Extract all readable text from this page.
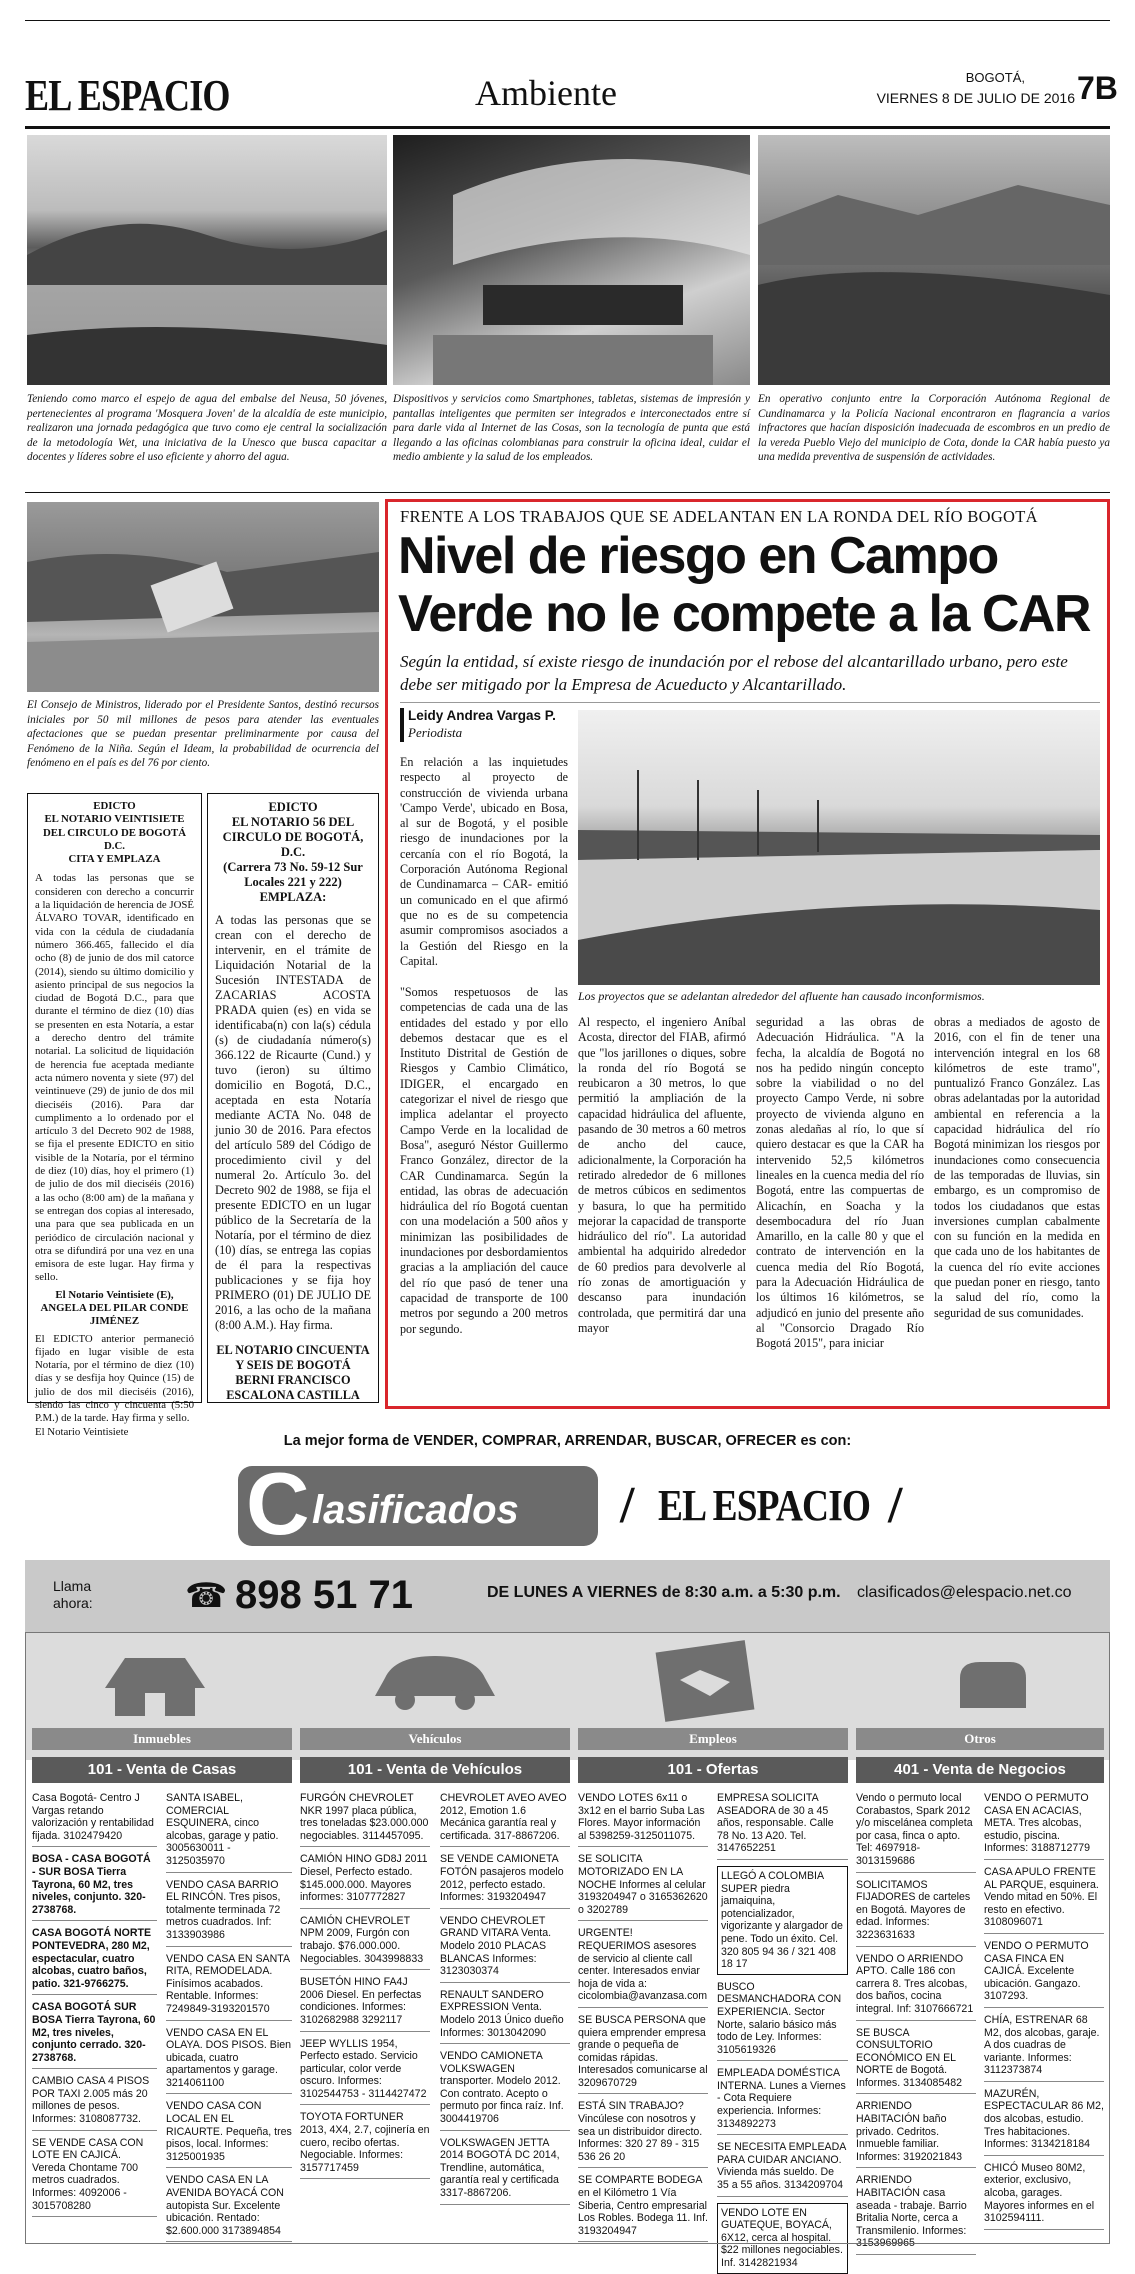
EL ESPACIO	Ambiente	BOGOTÁ,
VIERNES 8 DE JULIO DE 2016 7B
Teniendo como marco el espejo de agua del embalse del Neusa, 50 jóvenes, pertenecientes al programa 'Mosquera Joven' de la alcaldía de este municipio, realizaron una jornada pedagógica que tuvo como eje central la socialización de la metodología Wet, una iniciativa de la Unesco que busca capacitar a docentes y líderes sobre el uso eficiente y ahorro del agua.
Dispositivos y servicios como Smartphones, tabletas, sistemas de impresión y pantallas inteligentes que permiten ser integrados e interconectados entre sí para darle vida al Internet de las Cosas, son la tecnología de punta que está llegando a las oficinas colombianas para construir la oficina ideal, cuidar el medio ambiente y la salud de los empleados.
En operativo conjunto entre la Corporación Autónoma Regional de Cundinamarca y la Policía Nacional encontraron en flagrancia a varios infractores que hacían disposición inadecuada de escombros en un predio de la vereda Pueblo Viejo del municipio de Cota, donde la CAR había puesto ya una medida preventiva de suspensión de actividades.
El Consejo de Ministros, liderado por el Presidente Santos, destinó recursos iniciales por 50 mil millones de pesos para atender las eventuales afectaciones que se puedan presentar preliminarmente por causa del Fenómeno de la Niña. Según el Ideam, la probabilidad de ocurrencia del fenómeno en el país es del 76 por ciento.
EDICTO
EL NOTARIO VEINTISIETE DEL CIRCULO DE BOGOTÁ D.C.
CITA Y EMPLAZA
A todas las personas que se consideren con derecho a concurrir a la liquidación de herencia de JOSÉ ÁLVARO TOVAR, identificado en vida con la cédula de ciudadanía número 366.465, fallecido el día ocho (8) de junio de dos mil catorce (2014), siendo su último domicilio y asiento principal de sus negocios la ciudad de Bogotá D.C., para que durante el término de diez (10) días se presenten en esta Notaría, a estar a derecho dentro del trámite notarial. La solicitud de liquidación de herencia fue aceptada mediante acta número noventa y siete (97) del veintinueve (29) de junio de dos mil dieciséis (2016). Para dar cumplimento a lo ordenado por el artículo 3 del Decreto 902 de 1988, se fija el presente EDICTO en sitio visible de la Notaría, por el término de diez (10) días, hoy el primero (1) de julio de dos mil dieciséis (2016) a las ocho (8:00 am) de la mañana y se entregan dos copias al interesado, una para que sea publicada en un periódico de circulación nacional y otra se difundirá por una vez en una emisora de este lugar. Hay firma y sello.
El Notario Veintisiete (E),
ANGELA DEL PILAR CONDE JIMÉNEZ
El EDICTO anterior permaneció fijado en lugar visible de esta Notaría, por el término de diez (10) días y se desfija hoy Quince (15) de julio de dos mil dieciséis (2016), siendo las cinco y cincuenta (5:50 P.M.) de la tarde. Hay firma y sello.
El Notario Veintisiete
EDICTO
EL NOTARIO 56 DEL CIRCULO DE BOGOTÁ, D.C.
(Carrera 73 No. 59-12 Sur Locales 221 y 222)
EMPLAZA:
A todas las personas que se crean con el derecho de intervenir, en el trámite de Liquidación Notarial de la Sucesión INTESTADA de ZACARIAS ACOSTA PRADA quien (es) en vida se identificaba(n) con la(s) cédula (s) de ciudadanía número(s) 366.122 de Ricaurte (Cund.) y tuvo (ieron) su último domicilio en Bogotá, D.C., aceptada en esta Notaría mediante ACTA No. 048 de junio 30 de 2016. Para efectos del artículo 589 del Código de procedimiento civil y del numeral 2o. Artículo 3o. del Decreto 902 de 1988, se fija el presente EDICTO en un lugar público de la Secretaría de la Notaría, por el término de diez (10) días, se entrega las copias de él para la respectivas publicaciones y se fija hoy PRIMERO (01) DE JULIO DE 2016, a las ocho de la mañana (8:00 A.M.). Hay firma.
EL NOTARIO CINCUENTA Y SEIS DE BOGOTÁ
BERNI FRANCISCO ESCALONA CASTILLA
FRENTE A LOS TRABAJOS QUE SE ADELANTAN EN LA RONDA DEL RÍO BOGOTÁ
Nivel de riesgo en Campo
Verde no le compete a la CAR
Según la entidad, sí existe riesgo de inundación por el rebose del alcantarillado urbano, pero este debe ser mitigado por la Empresa de Acueducto y Alcantarillado.
Leidy Andrea Vargas P.
Periodista
En relación a las inquietudes respecto al proyecto de construcción de vivienda urbana 'Campo Verde', ubicado en Bosa, al sur de Bogotá, y el posible riesgo de inundaciones por la cercanía con el río Bogotá, la Corporación Autónoma Regional de Cundinamarca – CAR- emitió un comunicado en el que afirmó que no es de su competencia asumir compromisos asociados a la Gestión del Riesgo en la Capital.
Los proyectos que se adelantan alrededor del afluente han causado inconformismos.
"Somos respetuosos de las competencias de cada una de las entidades del estado y por ello debemos destacar que es el Instituto Distrital de Gestión de Riesgos y Cambio Climático, IDIGER, el encargado en categorizar el nivel de riesgo que implica adelantar el proyecto Campo Verde en la localidad de Bosa", aseguró Néstor Guillermo Franco González, director de la CAR Cundinamarca. Según la entidad, las obras de adecuación hidráulica del río Bogotá cuentan con una modelación a 500 años y minimizan las posibilidades de inundaciones por desbordamientos gracias a la ampliación del cauce del río que pasó de tener una capacidad de transporte de 100 metros por segundo a 200 metros por segundo.
Al respecto, el ingeniero Aníbal Acosta, director del FIAB, afirmó que "los jarillones o diques, sobre la ronda del río Bogotá se reubicaron a 30 metros, lo que permitió la ampliación de la capacidad hidráulica del afluente, pasando de 30 metros a 60 metros de ancho del cauce, adicionalmente, la Corporación ha retirado alrededor de 6 millones de metros cúbicos en sedimentos y basura, lo que ha permitido mejorar la capacidad de transporte hidráulico del río". La autoridad ambiental ha adquirido alrededor de 60 predios para devolverle al río zonas de amortiguación y descanso para inundación controlada, que permitirá dar una mayor
seguridad a las obras de Adecuación Hidráulica. "A la fecha, la alcaldía de Bogotá no nos ha pedido ningún concepto sobre la viabilidad o no del proyecto Campo Verde, ni sobre proyecto de vivienda alguno en zonas aledañas al río, lo que sí quiero destacar es que la CAR ha intervenido 52,5 kilómetros lineales en la cuenca media del río Bogotá, entre las compuertas de Alicachín, en Soacha y la desembocadura del río Juan Amarillo, en la calle 80 y que el contrato de intervención en la cuenca media del Río Bogotá, para la Adecuación Hidráulica de los últimos 16 kilómetros, se adjudicó en junio del presente año al "Consorcio Dragado Río Bogotá 2015", para iniciar
obras a mediados de agosto de 2016, con el fin de tener una intervención integral en los 68 kilómetros de este tramo", puntualizó Franco González. Las obras adelantadas por la autoridad ambiental en referencia a la capacidad hidráulica del río Bogotá minimizan los riesgos por inundaciones como consecuencia de las temporadas de lluvias, sin embargo, es un compromiso de todos los ciudadanos que estas inversiones cumplan cabalmente con su función en la medida en que cada uno de los habitantes de la cuenca del río evite acciones que puedan poner en riesgo, tanto la salud del río, como la seguridad de sus comunidades.
La mejor forma de VENDER, COMPRAR, ARRENDAR, BUSCAR, OFRECER es con:
C lasificados / EL ESPACIO /
Llama ahora:	☎ 898 51 71	DE LUNES A VIERNES de 8:30 a.m. a 5:30 p.m. clasificados@elespacio.net.co
Inmuebles	Vehículos	Empleos	Otros
101 - Venta de Casas	101 - Venta de Vehículos	101 - Ofertas	401 - Venta de Negocios

Casa Bogotá- Centro J Vargas retando valorización y rentabilidad fijada. 3102479420

BOSA - CASA BOGOTÁ - SUR BOSA Tierra Tayrona, 60 M2, tres niveles, conjunto. 320-2738768.

CASA BOGOTÁ NORTE PONTEVEDRA, 280 M2, espectacular, cuatro alcobas, cuatro baños, patio. 321-9766275.

CASA BOGOTÁ SUR BOSA Tierra Tayrona, 60 M2, tres niveles, conjunto cerrado. 320-2738768.

CAMBIO CASA 4 PISOS POR TAXI 2.005 más 20 millones de pesos. Informes: 3108087732.

SE VENDE CASA CON LOTE EN CAJICÁ. Vereda Chontame 700 metros cuadrados. Informes: 4092006 - 3015708280

SANTA ISABEL, COMERCIAL ESQUINERA, cinco alcobas, garage y patio. 3005630011 - 3125035970

VENDO CASA BARRIO EL RINCÓN. Tres pisos, totalmente terminada 72 metros cuadrados. Inf: 3133903986

VENDO CASA EN SANTA RITA, REMODELADA. Finísimos acabados. Rentable. Informes: 7249849-3193201570

VENDO CASA EN EL OLAYA. DOS PISOS. Bien ubicada, cuatro apartamentos y garage. 3214061100

VENDO CASA CON LOCAL EN EL RICAURTE. Pequeña, tres pisos, local. Informes: 3125001935

VENDO CASA EN LA AVENIDA BOYACÁ CON autopista Sur. Excelente ubicación. Rentado: $2.600.000 3173894854

FURGÓN CHEVROLET NKR 1997 placa pública, tres toneladas $23.000.000 negociables. 3114457095.

CAMIÓN HINO GD8J 2011 Diesel, Perfecto estado. $145.000.000. Mayores informes: 3107772827

CAMIÓN CHEVROLET NPM 2009, Furgón con trabajo. $76.000.000. Negociables. 3043998833

BUSETÓN HINO FA4J 2006 Diesel. En perfectas condiciones. Informes: 3102682988 3292117

JEEP WYLLIS 1954, Perfecto estado. Servicio particular, color verde oscuro. Informes: 3102544753 - 3114427472

TOYOTA FORTUNER 2013, 4X4, 2.7, cojinería en cuero, recibo ofertas. Negociable. Informes: 3157717459

CHEVROLET AVEO AVEO 2012, Emotion 1.6 Mecánica garantía real y certificada. 317-8867206.

SE VENDE CAMIONETA FOTÓN pasajeros modelo 2012, perfecto estado. Informes: 3193204947

VENDO CHEVROLET GRAND VITARA Venta. Modelo 2010 PLACAS BLANCAS Informes: 3123030374

RENAULT SANDERO EXPRESSION Venta. Modelo 2013 Único dueño Informes: 3013042090

VENDO CAMIONETA VOLKSWAGEN transporter. Modelo 2012. Con contrato. Acepto o permuto por finca raíz. Inf. 3004419706

VOLKSWAGEN JETTA 2014 BOGOTÁ DC 2014, Trendline, automática, garantía real y certificada 3317-8867206.

VENDO LOTES 6x11 o 3x12 en el barrio Suba Las Flores. Mayor información al 5398259-3125011075.

SE SOLICITA MOTORIZADO EN LA NOCHE Informes al celular 3193204947 o 3165362620 o 3202789

URGENTE! REQUERIMOS asesores de servicio al cliente call center. Interesados enviar hoja de vida a: cicolombia@avanzasa.com

SE BUSCA PERSONA que quiera emprender empresa grande o pequeña de comidas rápidas. Interesados comunicarse al 3209670729

ESTÁ SIN TRABAJO? Vincúlese con nosotros y sea un distribuidor directo. Informes: 320 27 89 - 315 536 26 20

SE COMPARTE BODEGA en el Kilómetro 1 Vía Siberia, Centro empresarial Los Robles. Bodega 11. Inf. 3193204947

EMPRESA SOLICITA ASEADORA de 30 a 45 años, responsable. Calle 78 No. 13 A20. Tel. 3147652251

LLEGÓ A COLOMBIA SUPER piedra jamaiquina, potencializador, vigorizante y alargador de pene. Todo un éxito. Cel. 320 805 94 36 / 321 408 18 17

BUSCO DESMANCHADORA CON EXPERIENCIA. Sector Norte, salario básico más todo de Ley. Informes: 3105619326

EMPLEADA DOMÉSTICA INTERNA. Lunes a Viernes - Cota Requiere experiencia. Informes: 3134892273

SE NECESITA EMPLEADA PARA CUIDAR ANCIANO. Vivienda más sueldo. De 35 a 55 años. 3134209704

VENDO LOTE EN GUATEQUE, BOYACÁ, 6X12, cerca al hospital. $22 millones negociables. Inf. 3142821934

Vendo o permuto local Corabastos, Spark 2012 y/o miscelánea completa por casa, finca o apto. Tel: 4697918- 3013159686

SOLICITAMOS FIJADORES de carteles en Bogotá. Mayores de edad. Informes: 3223631633

VENDO O ARRIENDO APTO. Calle 186 con carrera 8. Tres alcobas, dos baños, cocina integral. Inf: 3107666721

SE BUSCA CONSULTORIO ECONÓMICO EN EL NORTE de Bogotá. Informes. 3134085482

ARRIENDO HABITACIÓN baño privado. Cedritos. Inmueble familiar. Informes: 3192021843

ARRIENDO HABITACIÓN casa aseada - trabaje. Barrio Britalia Norte, cerca a Transmilenio. Informes: 3153969965

VENDO O PERMUTO CASA EN ACACIAS, META. Tres alcobas, estudio, piscina. Informes: 3188712779

CASA APULO FRENTE AL PARQUE, esquinera. Vendo mitad en 50%. El resto en efectivo. 3108096071

VENDO O PERMUTO CASA FINCA EN CAJICÁ. Excelente ubicación. Gangazo. 3107293.

CHÍA, ESTRENAR 68 M2, dos alcobas, garaje. A dos cuadras de variante. Informes: 3112373874

MAZURÉN, ESPECTACULAR 86 M2, dos alcobas, estudio. Tres habitaciones. Informes: 3134218184

CHICÓ Museo 80M2, exterior, exclusivo, alcoba, garages. Mayores informes en el 3102594111.
